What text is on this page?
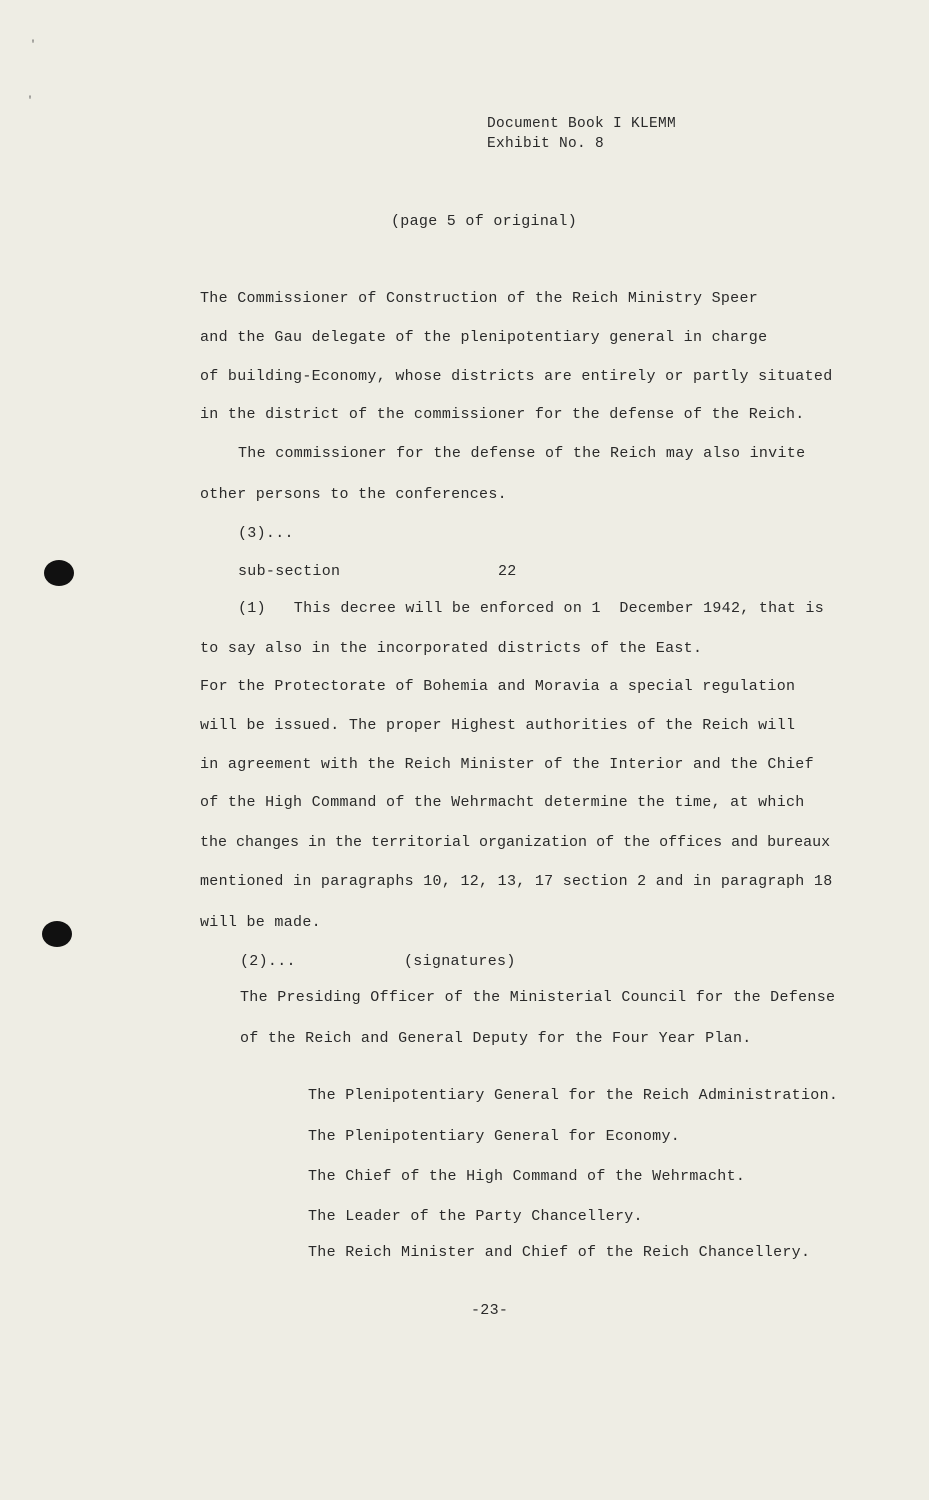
'
'
Document Book I KLEMM
Exhibit No. 8
(page 5 of original)
The Commissioner of Construction of the Reich Ministry Speer
and the Gau delegate of the plenipotentiary general in charge
of building-Economy, whose districts are entirely or partly situated
in the district of the commissioner for the defense of the Reich.
The commissioner for the defense of the Reich may also invite
other persons to the conferences.
(3)...
sub-section	22
(1)   This decree will be enforced on 1  December 1942, that is
to say also in the incorporated districts of the East.
For the Protectorate of Bohemia and Moravia a special regulation
will be issued. The proper Highest authorities of the Reich will
in agreement with the Reich Minister of the Interior and the Chief
of the High Command of the Wehrmacht determine the time, at which
the changes in the territorial organization of the offices and bureaux
mentioned in paragraphs 10, 12, 13, 17 section 2 and in paragraph 18
will be made.
(2)...	(signatures)
The Presiding Officer of the Ministerial Council for the Defense
of the Reich and General Deputy for the Four Year Plan.
The Plenipotentiary General for the Reich Administration.
The Plenipotentiary General for Economy.
The Chief of the High Command of the Wehrmacht.
The Leader of the Party Chancellery.
The Reich Minister and Chief of the Reich Chancellery.
-23-
